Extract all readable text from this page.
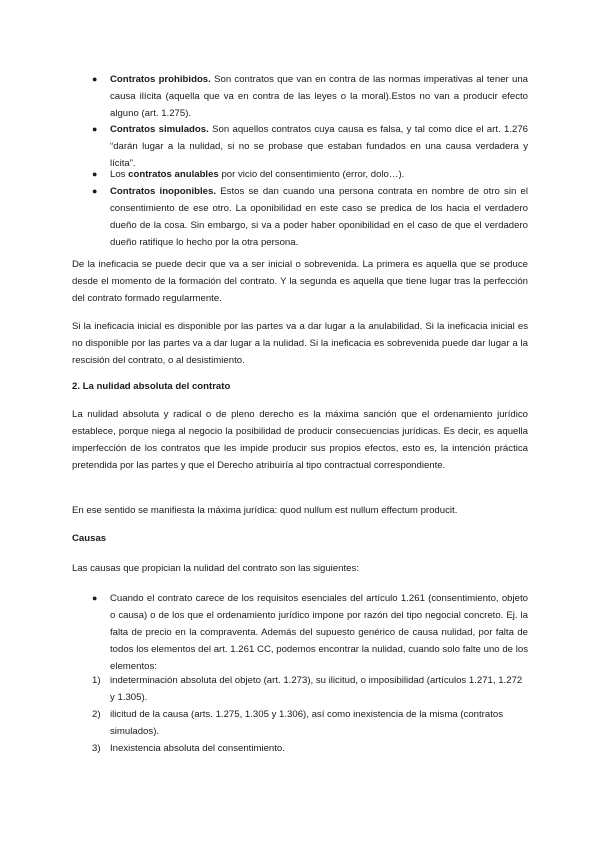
● Contratos prohibidos. Son contratos que van en contra de las normas imperativas al tener una causa ilícita (aquella que va en contra de las leyes o la moral).Estos no van a producir efecto alguno (art. 1.275).

● Contratos simulados. Son aquellos contratos cuya causa es falsa, y tal como dice el art. 1.276 “darán lugar a la nulidad, si no se probase que estaban fundados en una causa verdadera y lícita”.

● Los contratos anulables por vicio del consentimiento (error, dolo…).

● Contratos inoponibles. Estos se dan cuando una persona contrata en nombre de otro sin el consentimiento de ese otro. La oponibilidad en este caso se predica de los hacia el verdadero dueño de la cosa. Sin embargo, si va a poder haber oponibilidad en el caso de que el verdadero dueño ratifique lo hecho por la otra persona.

De la ineficacia se puede decir que va a ser inicial o sobrevenida. La primera es aquella que se produce desde el momento de la formación del contrato. Y la segunda es aquella que tiene lugar tras la perfección del contrato formado regularmente.

Si la ineficacia inicial es disponible por las partes va a dar lugar a la anulabilidad. Si la ineficacia inicial es no disponible por las partes va a dar lugar a la nulidad. Si la ineficacia es sobrevenida puede dar lugar a la rescisión del contrato, o al desistimiento.

2. La nulidad absoluta del contrato

La nulidad absoluta y radical o de pleno derecho es la máxima sanción que el ordenamiento jurídico establece, porque niega al negocio la posibilidad de producir consecuencias jurídicas. Es decir, es aquella imperfección de los contratos que les impide producir sus propios efectos, esto es, la intención práctica pretendida por las partes y que el Derecho atribuiría al tipo contractual correspondiente.

En ese sentido se manifiesta la máxima jurídica: quod nullum est nullum effectum producit.

Causas

Las causas que propician la nulidad del contrato son las siguientes:

● Cuando el contrato carece de los requisitos esenciales del artículo 1.261 (consentimiento, objeto o causa) o de los que el ordenamiento jurídico impone por razón del tipo negocial concreto. Ej. la falta de precio en la compraventa. Además del supuesto genérico de causa nulidad, por falta de todos los elementos del art. 1.261 CC, podemos encontrar la nulidad, cuando solo falte uno de los elementos:

1) indeterminación absoluta del objeto (art. 1.273), su ilicitud, o imposibilidad (artículos 1.271, 1.272 y 1.305).

2) ilicitud de la causa (arts. 1.275, 1.305 y 1.306), así como inexistencia de la misma (contratos simulados).

3) Inexistencia absoluta del consentimiento.
